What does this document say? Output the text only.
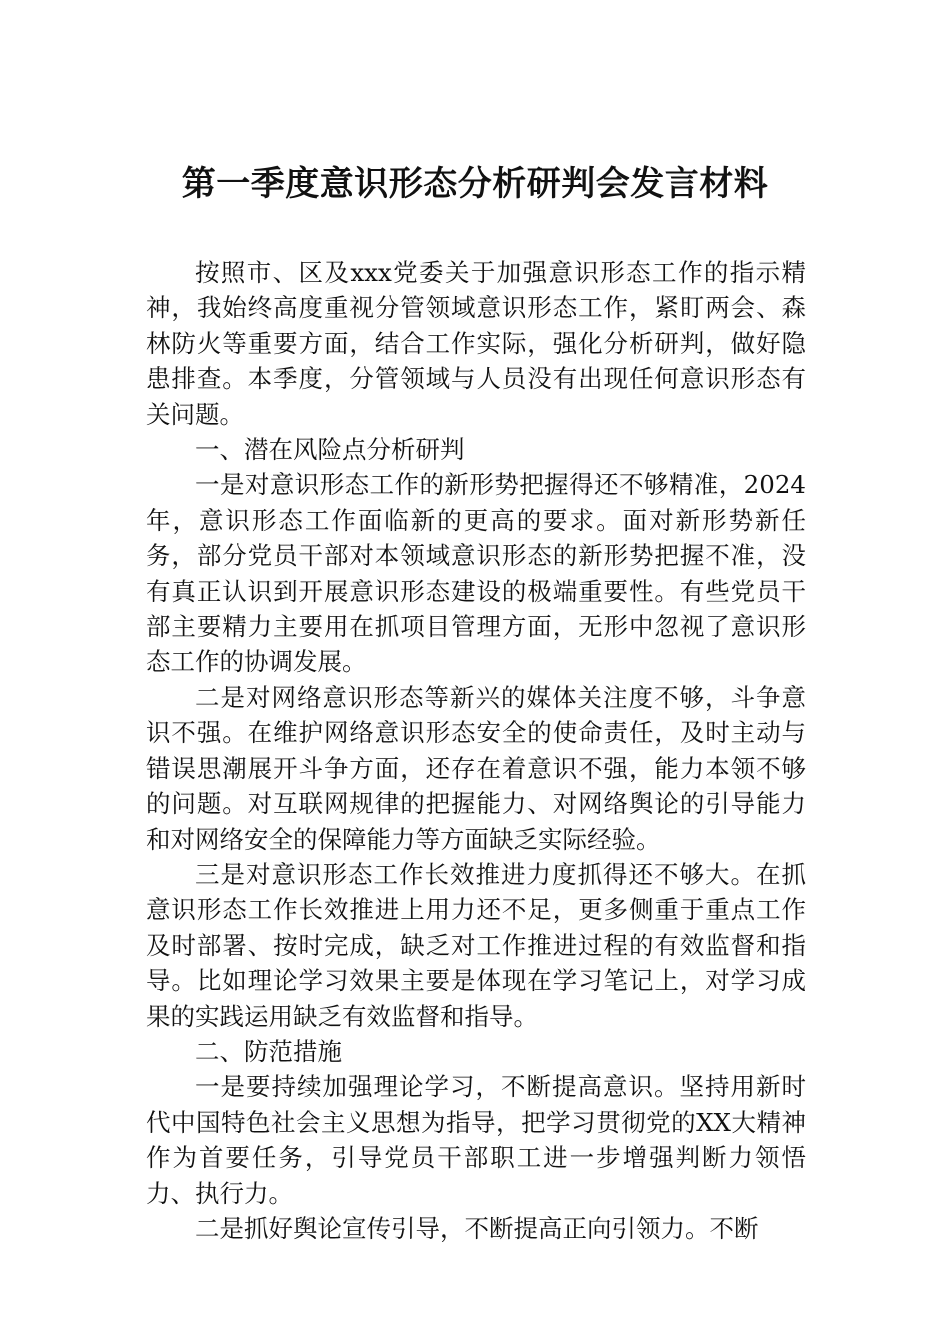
第一季度意识形态分析研判会发言材料

按照市、区及xxx党委关于加强意识形态工作的指示精神，我始终高度重视分管领域意识形态工作，紧盯两会、森林防火等重要方面，结合工作实际，强化分析研判，做好隐患排查。本季度，分管领域与人员没有出现任何意识形态有关问题。

一、潜在风险点分析研判

一是对意识形态工作的新形势把握得还不够精准，2024年，意识形态工作面临新的更高的要求。面对新形势新任务，部分党员干部对本领域意识形态的新形势把握不准，没有真正认识到开展意识形态建设的极端重要性。有些党员干部主要精力主要用在抓项目管理方面，无形中忽视了意识形态工作的协调发展。

二是对网络意识形态等新兴的媒体关注度不够，斗争意识不强。在维护网络意识形态安全的使命责任，及时主动与错误思潮展开斗争方面，还存在着意识不强，能力本领不够的问题。对互联网规律的把握能力、对网络舆论的引导能力和对网络安全的保障能力等方面缺乏实际经验。

三是对意识形态工作长效推进力度抓得还不够大。在抓意识形态工作长效推进上用力还不足，更多侧重于重点工作及时部署、按时完成，缺乏对工作推进过程的有效监督和指导。比如理论学习效果主要是体现在学习笔记上，对学习成果的实践运用缺乏有效监督和指导。

二、防范措施

一是要持续加强理论学习，不断提高意识。坚持用新时代中国特色社会主义思想为指导，把学习贯彻党的XX大精神作为首要任务，引导党员干部职工进一步增强判断力领悟力、执行力。

二是抓好舆论宣传引导，不断提高正向引领力。不断
